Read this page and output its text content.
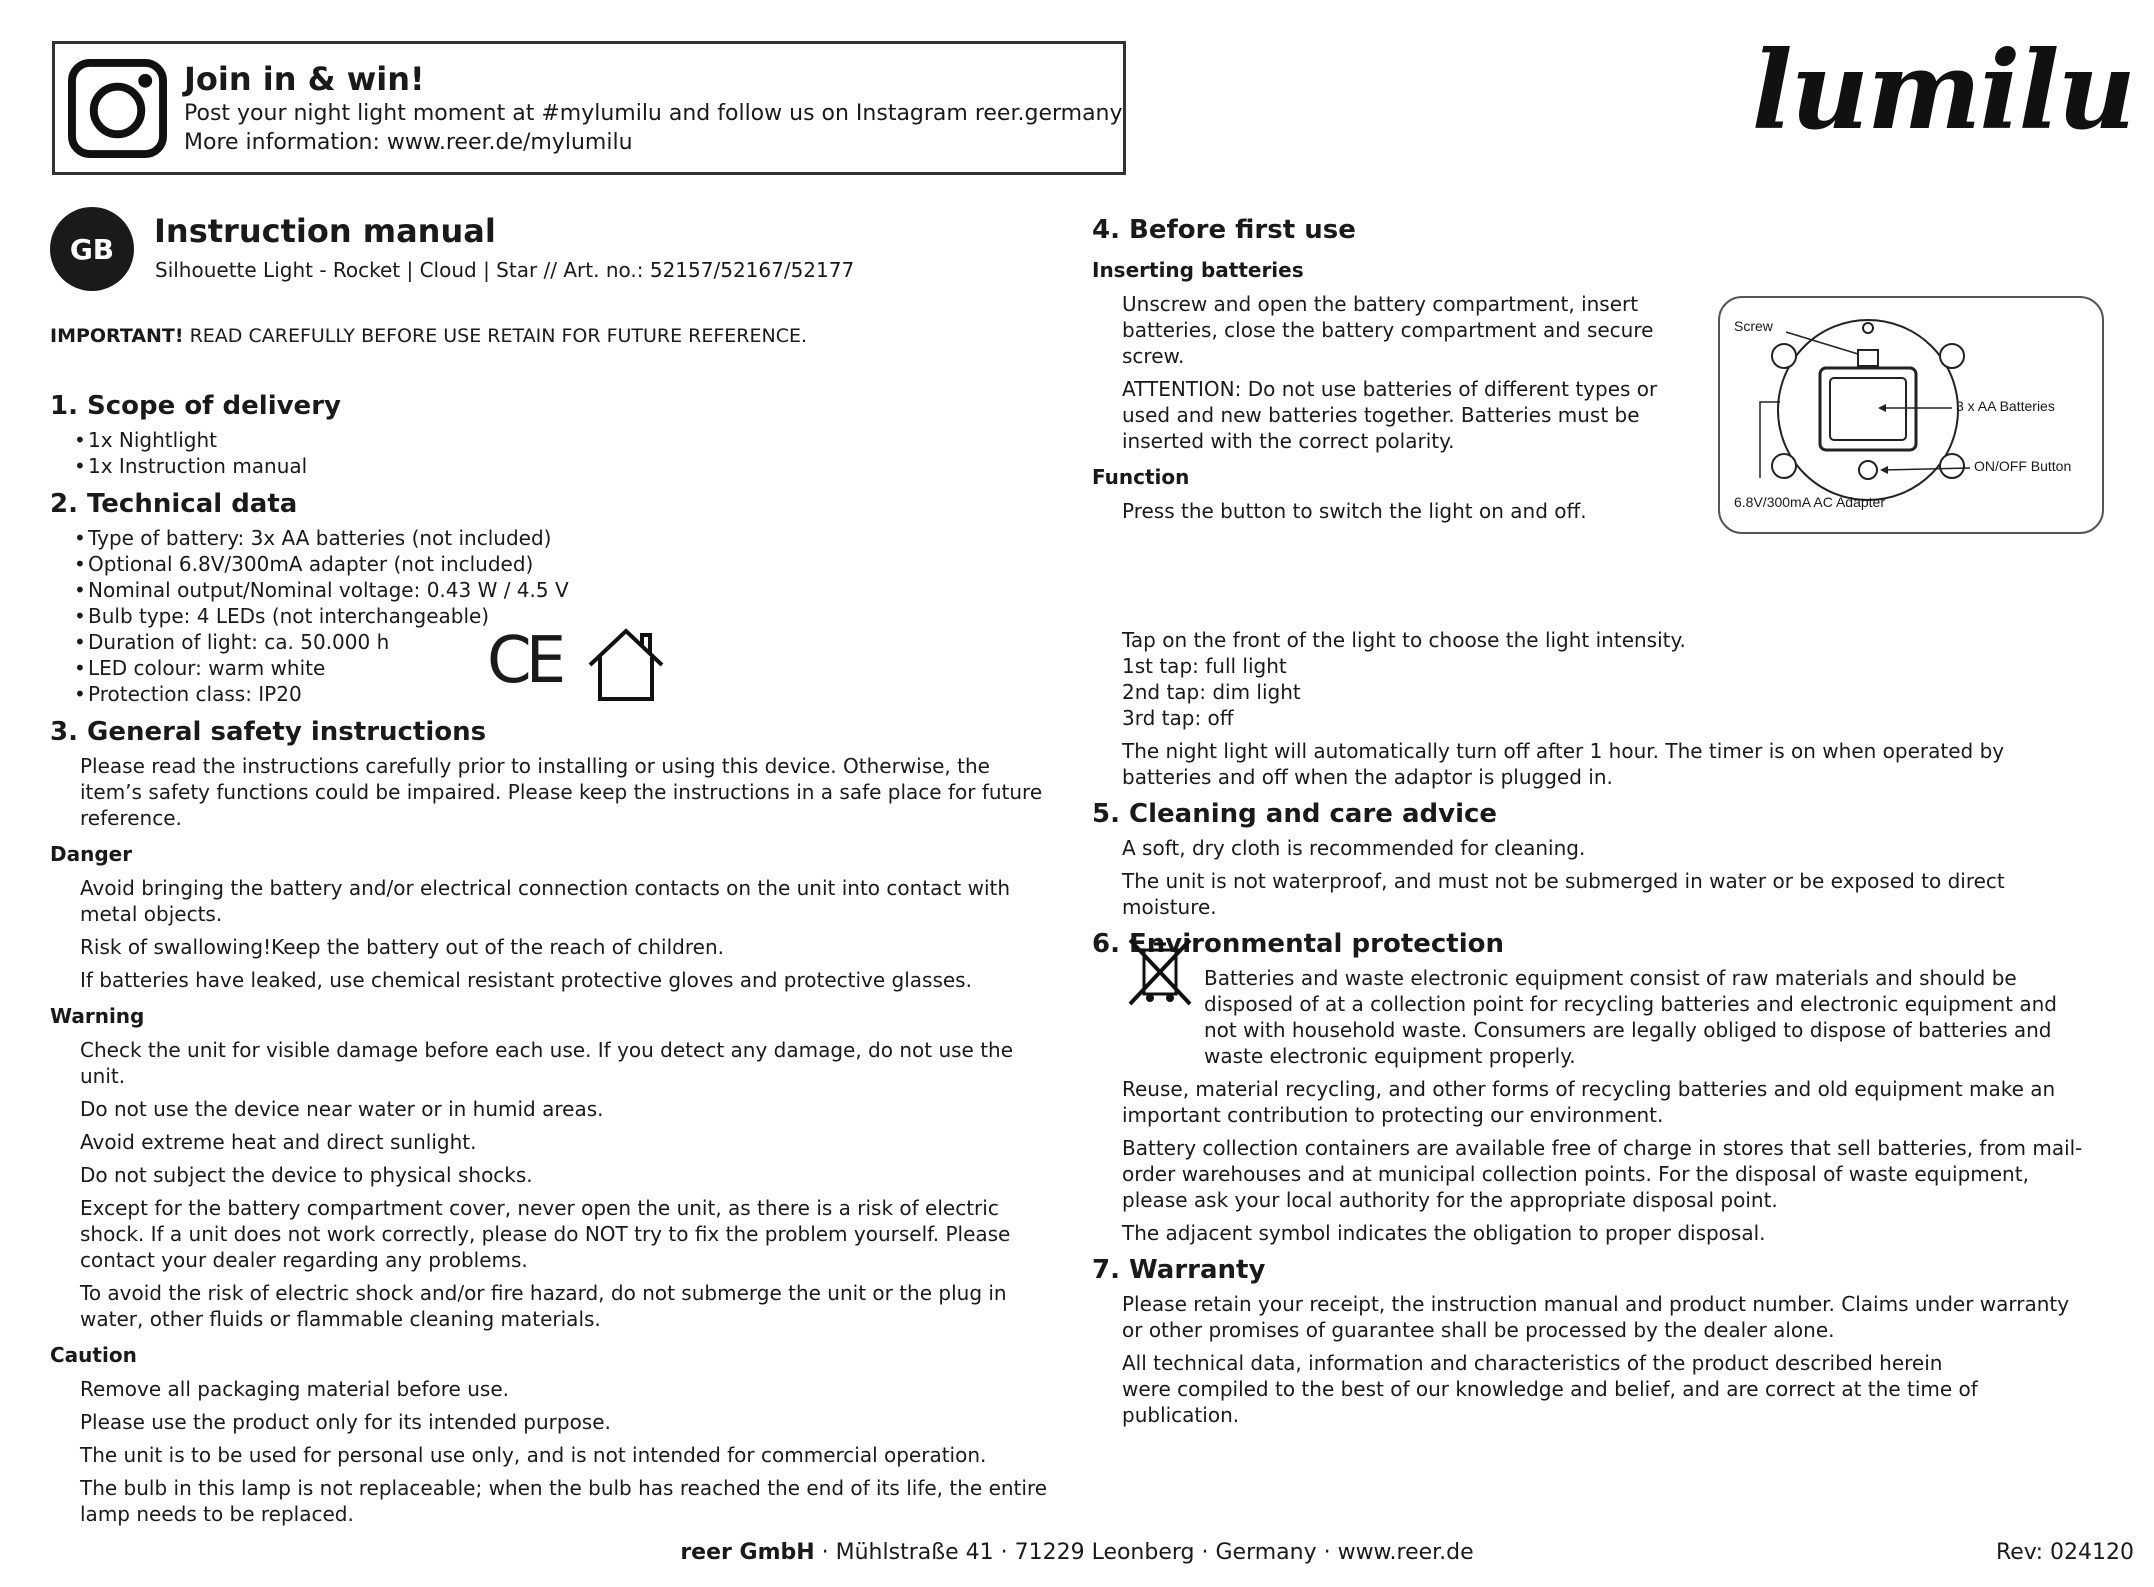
Join in & win!
Post your night light moment at #mylumilu and follow us on Instagram reer.germany
More information: www.reer.de/mylumilu	lumilu
GB	Instruction manual
Silhouette Light - Rocket | Cloud | Star // Art. no.: 52157/52167/52177
IMPORTANT! READ CAREFULLY BEFORE USE RETAIN FOR FUTURE REFERENCE.
1. Scope of delivery
• 1x Nightlight
• 1x Instruction manual
2. Technical data
• Type of battery: 3x AA batteries (not included)
• Optional 6.8V/300mA adapter (not included)
• Nominal output/Nominal voltage: 0.43 W / 4.5 V
• Bulb type: 4 LEDs (not interchangeable)
• Duration of light: ca. 50.000 h
• LED colour: warm white
• Protection class: IP20
3. General safety instructions

Please read the instructions carefully prior to installing or using this device. Otherwise, the item’s safety functions could be impaired. Please keep the instructions in a safe place for future reference.

Danger

Avoid bringing the battery and/or electrical connection contacts on the unit into contact with metal objects.

Risk of swallowing!Keep the battery out of the reach of children.

If batteries have leaked, use chemical resistant protective gloves and protective glasses.

Warning

Check the unit for visible damage before each use. If you detect any damage, do not use the unit.

Do not use the device near water or in humid areas.

Avoid extreme heat and direct sunlight.

Do not subject the device to physical shocks.

Except for the battery compartment cover, never open the unit, as there is a risk of electric shock. If a unit does not work correctly, please do NOT try to fix the problem yourself. Please contact your dealer regarding any problems.

To avoid the risk of electric shock and/or fire hazard, do not submerge the unit or the plug in water, other fluids or flammable cleaning materials.

Caution

Remove all packaging material before use.

Please use the product only for its intended purpose.

The unit is to be used for personal use only, and is not intended for commercial operation.

The bulb in this lamp is not replaceable; when the bulb has reached the end of its life, the entire lamp needs to be replaced.

CE
4. Before first use
Inserting batteries

Unscrew and open the battery compartment, insert batteries, close the battery compartment and secure screw.

ATTENTION: Do not use batteries of different types or used and new batteries together. Batteries must be inserted with the correct polarity.

Function

Press the button to switch the light on and off.

Tap on the front of the light to choose the light intensity.

1st tap: full light

2nd tap: dim light

3rd tap: off

The night light will automatically turn off after 1 hour. The timer is on when operated by batteries and off when the adaptor is plugged in.

5. Cleaning and care advice

A soft, dry cloth is recommended for cleaning.

The unit is not waterproof, and must not be submerged in water or be exposed to direct moisture.

6. Environmental protection

Batteries and waste electronic equipment consist of raw materials and should be disposed of at a collection point for recycling batteries and electronic equipment and not with household waste. Consumers are legally obliged to dispose of batteries and waste electronic equipment properly.

Reuse, material recycling, and other forms of recycling batteries and old equipment make an important contribution to protecting our environment.

Battery collection containers are available free of charge in stores that sell batteries, from mail-order warehouses and at municipal collection points. For the disposal of waste equipment, please ask your local authority for the appropriate disposal point.

The adjacent symbol indicates the obligation to proper disposal.

7. Warranty

Please retain your receipt, the instruction manual and product number. Claims under warranty or other promises of guarantee shall be processed by the dealer alone.

All technical data, information and characteristics of the product described herein

were compiled to the best of our knowledge and belief, and are correct at the time of publication.

Screw
3 x AA Batteries
ON/OFF Button
6.8V/300mA AC Adapter
reer GmbH · Mühlstraße 41 · 71229 Leonberg · Germany · www.reer.de	Rev: 024120
